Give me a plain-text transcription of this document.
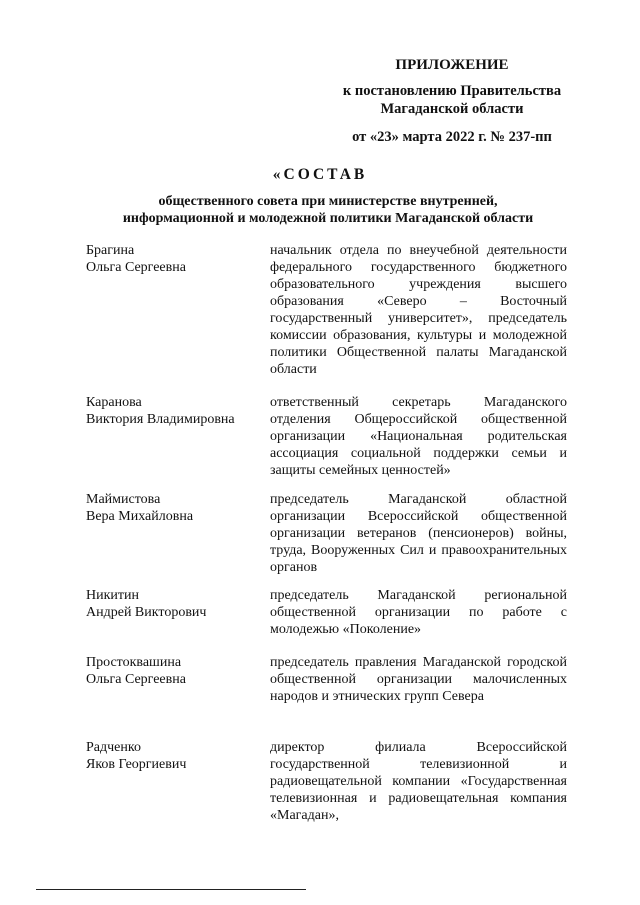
ПРИЛОЖЕНИЕ
к постановлению Правительства
Магаданской области
от «23» марта 2022 г. № 237-пп
«СОСТАВ
общественного совета при министерстве внутренней,
информационной и молодежной политики Магаданской области
Брагина
Ольга Сергеевна
начальник отдела по внеучебной деятельности федерального государственного бюджетного образовательного учреждения высшего образования «Северо – Восточный государственный университет», председатель комиссии образования, культуры и молодежной политики Общественной палаты Магаданской области
Каранова
Виктория Владимировна
ответственный секретарь Магаданского отделения Общероссийской общественной организации «Национальная родительская ассоциация социальной поддержки семьи и защиты семейных ценностей»
Маймистова
Вера Михайловна
председатель Магаданской областной организации Всероссийской общественной организации ветеранов (пенсионеров) войны, труда, Вооруженных Сил и правоохранительных органов
Никитин
Андрей Викторович
председатель Магаданской региональной общественной организации по работе с молодежью «Поколение»
Простоквашина
Ольга Сергеевна
председатель правления Магаданской городской общественной организации малочисленных народов и этнических групп Севера
Радченко
Яков Георгиевич
директор филиала Всероссийской государственной телевизионной и радиовещательной компании «Государственная телевизионная и радиовещательная компания «Магадан»,
